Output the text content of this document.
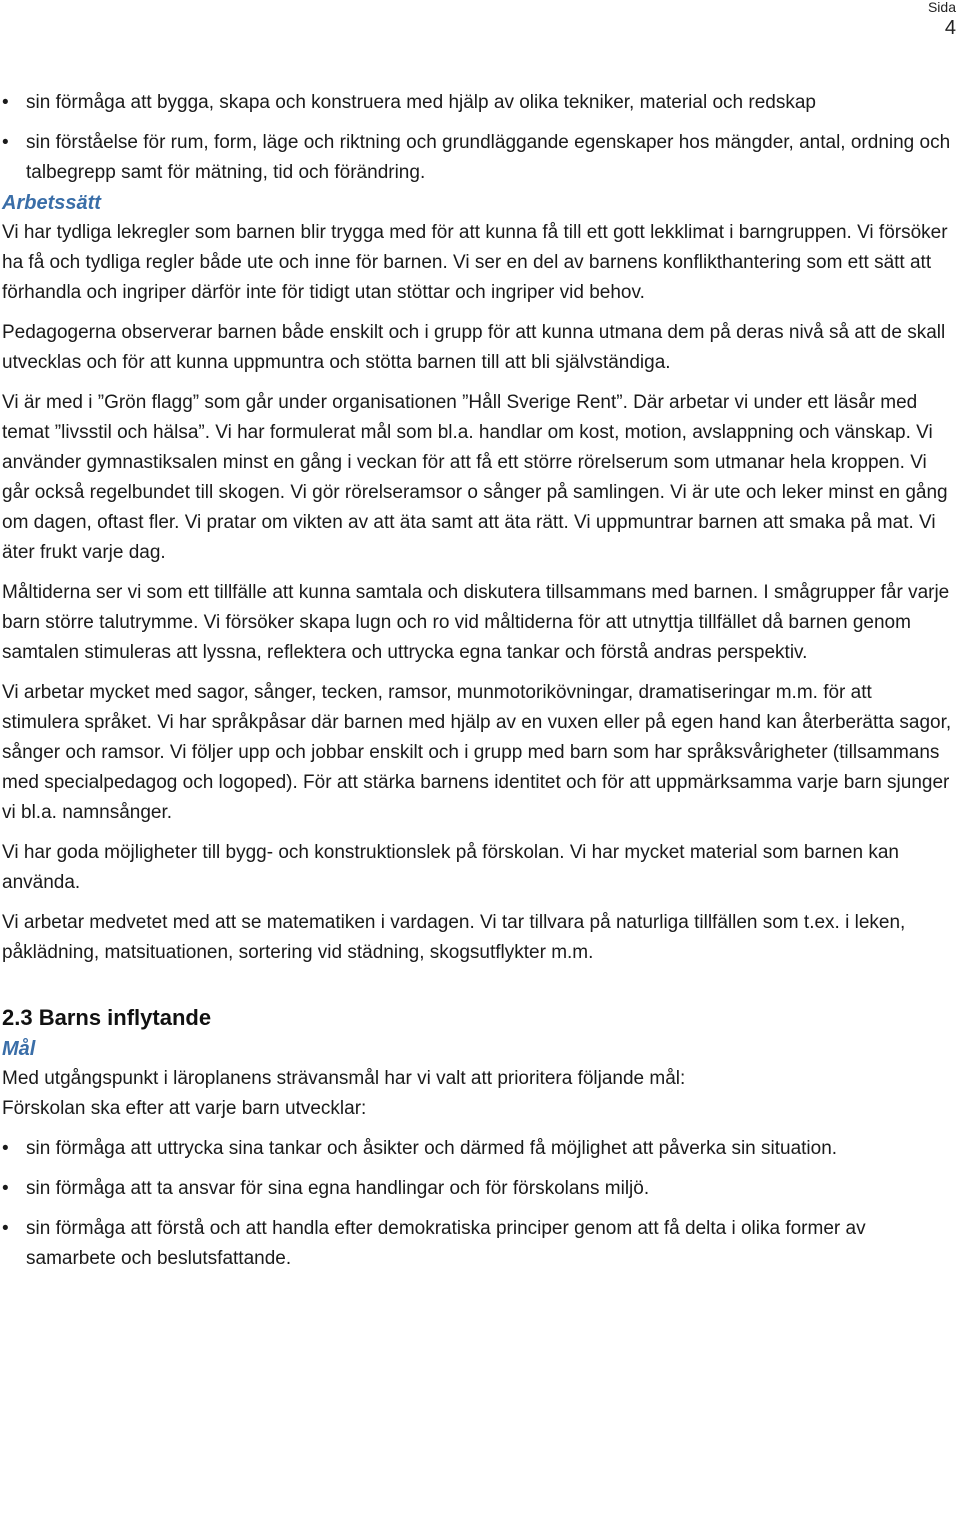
Sida
4

• sin förmåga att bygga, skapa och konstruera med hjälp av olika tekniker, material och redskap

• sin förståelse för rum, form, läge och riktning och grundläggande egenskaper hos mängder, antal, ordning och talbegrepp samt för mätning, tid och förändring.

Arbetssätt

Vi har tydliga lekregler som barnen blir trygga med för att kunna få till ett gott lekklimat i barngruppen. Vi försöker ha få och tydliga regler både ute och inne för barnen. Vi ser en del av barnens konflikthantering som ett sätt att förhandla och ingriper därför inte för tidigt utan stöttar och ingriper vid behov.

Pedagogerna observerar barnen både enskilt och i grupp för att kunna utmana dem på deras nivå så att de skall utvecklas och för att kunna uppmuntra och stötta barnen till att bli självständiga.

Vi är med i ”Grön flagg” som går under organisationen ”Håll Sverige Rent”. Där arbetar vi under ett läsår med temat ”livsstil och hälsa”. Vi har formulerat mål som bl.a. handlar om kost, motion, avslappning och vänskap. Vi använder gymnastiksalen minst en gång i veckan för att få ett större rörelserum som utmanar hela kroppen. Vi går också regelbundet till skogen. Vi gör rörelseramsor o sånger på samlingen. Vi är ute och leker minst en gång om dagen, oftast fler. Vi pratar om vikten av att äta samt att äta rätt. Vi uppmuntrar barnen att smaka på mat. Vi äter frukt varje dag.

Måltiderna ser vi som ett tillfälle att kunna samtala och diskutera tillsammans med barnen. I smågrupper får varje barn större talutrymme. Vi försöker skapa lugn och ro vid måltiderna för att utnyttja tillfället då barnen genom samtalen stimuleras att lyssna, reflektera och uttrycka egna tankar och förstå andras perspektiv.

Vi arbetar mycket med sagor, sånger, tecken, ramsor, munmotorikövningar, dramatiseringar m.m. för att stimulera språket. Vi har språkpåsar där barnen med hjälp av en vuxen eller på egen hand kan återberätta sagor, sånger och ramsor. Vi följer upp och jobbar enskilt och i grupp med barn som har språksvårigheter (tillsammans med specialpedagog och logoped). För att stärka barnens identitet och för att uppmärksamma varje barn sjunger vi bl.a. namnsånger.

Vi har goda möjligheter till bygg- och konstruktionslek på förskolan. Vi har mycket material som barnen kan använda.

Vi arbetar medvetet med att se matematiken i vardagen. Vi tar tillvara på naturliga tillfällen som t.ex. i leken, påklädning, matsituationen, sortering vid städning, skogsutflykter m.m.

2.3 Barns inflytande

Mål

Med utgångspunkt i läroplanens strävansmål har vi valt att prioritera följande mål:

Förskolan ska efter att varje barn utvecklar:

• sin förmåga att uttrycka sina tankar och åsikter och därmed få möjlighet att påverka sin situation.

• sin förmåga att ta ansvar för sina egna handlingar och för förskolans miljö.

• sin förmåga att förstå och att handla efter demokratiska principer genom att få delta i olika former av samarbete och beslutsfattande.
